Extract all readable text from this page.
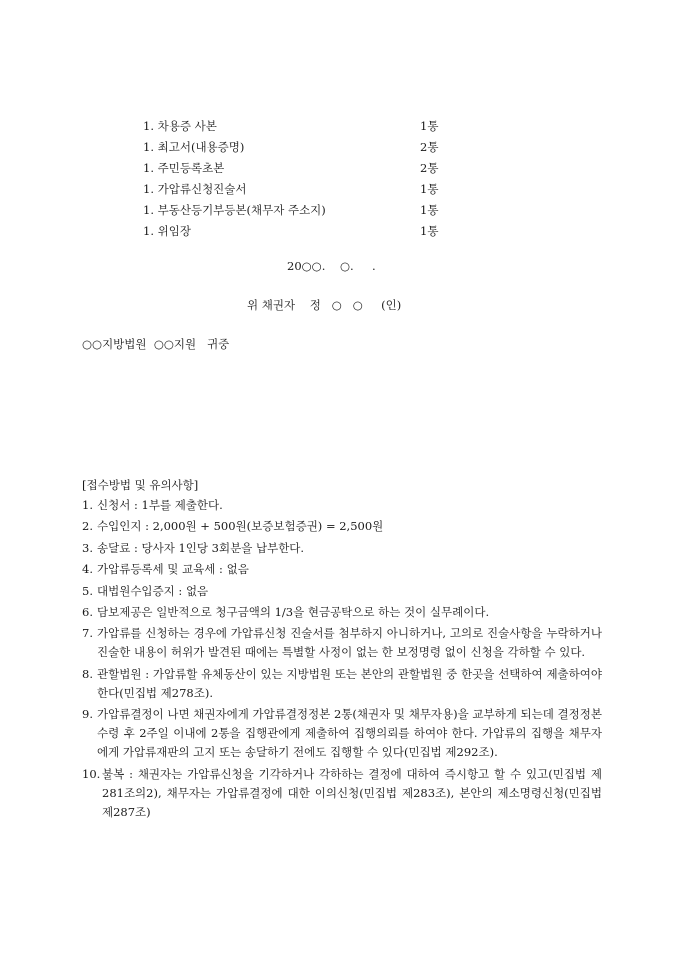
1. 차용증 사본	1통
1. 최고서(내용증명)	2통
1. 주민등록초본	2통
1. 가압류신청진술서	1통
1. 부동산등기부등본(채무자 주소지)	1통
1. 위임장	1통
20○○.    ○.     .
위 채권자    정   ○   ○     (인)
○○지방법원  ○○지원   귀중
[접수방법 및 유의사항]
1. 신청서 : 1부를 제출한다.
2. 수입인지 : 2,000원 + 500원(보증보험증권) = 2,500원
3. 송달료 : 당사자 1인당 3회분을 납부한다.
4. 가압류등록세 및 교육세 : 없음
5. 대법원수입증지 : 없음
6. 담보제공은 일반적으로 청구금액의 1/3을 현금공탁으로 하는 것이 실무례이다.
7. 가압류를 신청하는 경우에 가압류신청 진술서를 첨부하지 아니하거나, 고의로 진술사항을 누락하거나 진술한 내용이 허위가 발견된 때에는 특별할 사정이 없는 한 보정명령 없이 신청을 각하할 수 있다.
8. 관할법원 : 가압류할 유체동산이 있는 지방법원 또는 본안의 관할법원 중 한곳을 선택하여 제출하여야 한다(민집법 제278조).
9. 가압류결정이 나면 채권자에게 가압류결정정본 2통(채권자 및 채무자용)을 교부하게 되는데 결정정본 수령 후 2주일 이내에 2통을 집행관에게 제출하여 집행의뢰를 하여야 한다. 가압류의 집행을 채무자에게 가압류재판의 고지 또는 송달하기 전에도 집행할 수 있다(민집법 제292조).
10. 불복 : 채권자는 가압류신청을 기각하거나 각하하는 결정에 대하여 즉시항고 할 수 있고(민집법 제281조의2), 채무자는 가압류결정에 대한 이의신청(민집법 제283조), 본안의 제소명령신청(민집법 제287조)
